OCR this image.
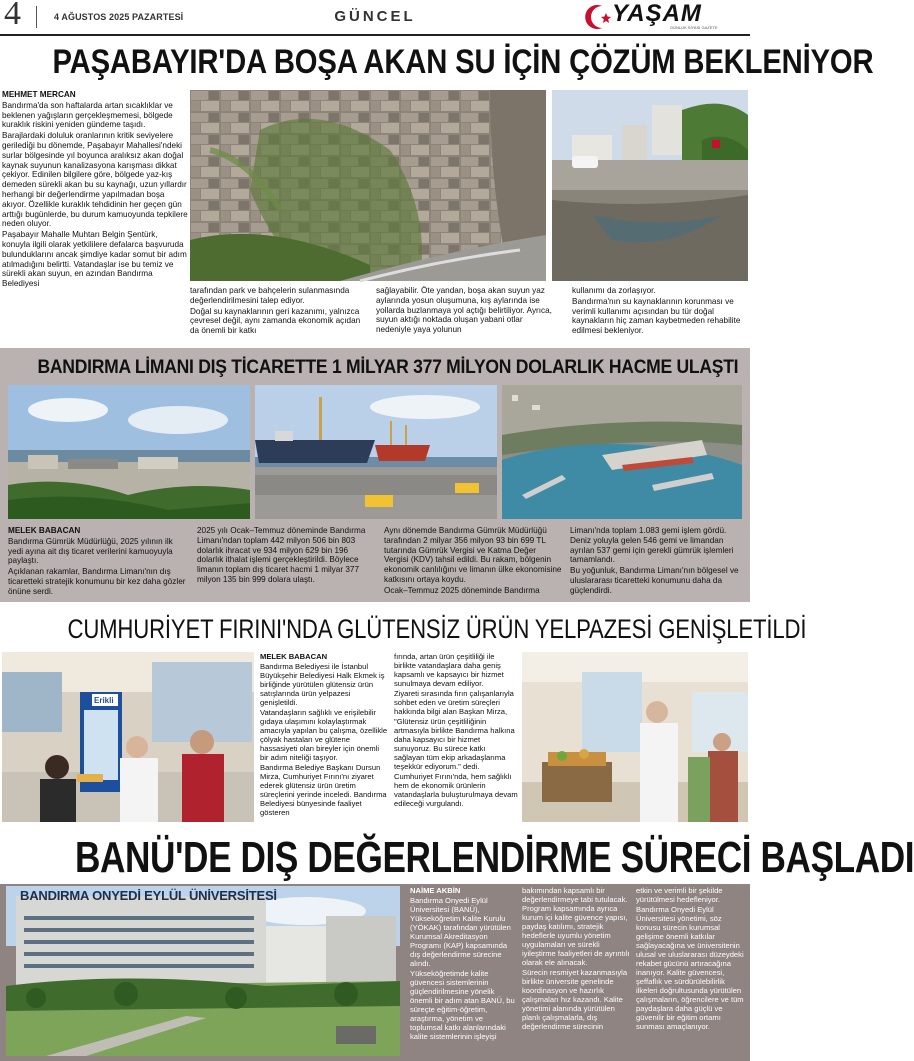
4	4 AĞUSTOS 2025 PAZARTESİ	GÜNCEL	YAŞAM
GÜNLÜK SİYASİ GAZETE
PAŞABAYIR'DA BOŞA AKAN SU İÇİN ÇÖZÜM BEKLENİYOR

MEHMET MERCAN

Bandırma'da son haftalarda artan sıcaklıklar ve beklenen yağışların gerçekleşmemesi, bölgede kuraklık riskini yeniden gündeme taşıdı.

Barajlardaki doluluk oranlarının kritik seviyelere geriledi̇ği bu dönemde, Paşabayır Mahallesi'ndeki surlar bölgesinde yıl boyunca aralıksız akan doğal kaynak suyunun kanalizasyona karışması dikkat çekiyor. Edinilen bilgilere göre, bölgede yaz-kış demeden sürekli akan bu su kaynağı, uzun yıllardır herhangi bir değerlendirme yapılmadan boşa akıyor. Özellikle kuraklık tehdidinin her geçen gün arttığı bugünlerde, bu durum kamuoyunda tepkilere neden oluyor.

Paşabayır Mahalle Muhtarı Belgin Şentürk, konuyla ilgili olarak yetkililere defalarca başvuruda bulunduklarını ancak şimdiye kadar somut bir adım atılmadığını belirtti. Vatandaşlar ise bu temiz ve sürekli akan suyun, en azından Bandırma Belediyesi

tarafından park ve bahçelerin sulanmasında değerlendirilmesini talep ediyor.

Doğal su kaynaklarının geri kazanımı, yalnızca çevresel değil, aynı zamanda ekonomik açıdan da önemli bir katkı

sağlayabilir. Öte yandan, boşa akan suyun yaz aylarında yosun oluşumuna, kış aylarında ise yollarda buzlanmaya yol açtığı belirtiliyor. Ayrıca, suyun aktığı noktada oluşan yabani otlar nedeniyle yaya yolunun

kullanımı da zorlaşıyor.

Bandırma'nın su kaynaklarının korunması ve verimli kullanımı açısından bu tür doğal kaynakların hiç zaman kaybetmeden rehabilite edilmesi bekleniyor.

BANDIRMA LİMANI DIŞ TİCARETTE 1 MİLYAR 377 MİLYON DOLARLIK HACME ULAŞTI

MELEK BABACAN

Bandırma Gümrük Müdürlüğü, 2025 yılının ilk yedi ayına ait dış ticaret verilerini kamuoyuyla paylaştı.

Açıklanan rakamlar, Bandırma Limanı'nın dış ticaretteki stratejik konumunu bir kez daha gözler önüne serdi.

2025 yılı Ocak–Temmuz döneminde Bandırma Limanı'ndan toplam 442 milyon 506 bin 803 dolarlık ihracat ve 934 milyon 629 bin 196 dolarlık ithalat işlemi gerçekleştirildi. Böylece limanın toplam dış ticaret hacmi 1 milyar 377 milyon 135 bin 999 dolara ulaştı.

Aynı dönemde Bandırma Gümrük Müdürlüğü tarafından 2 milyar 356 milyon 93 bin 699 TL tutarında Gümrük Vergisi ve Katma Değer Vergisi (KDV) tahsil edildi. Bu rakam, bölgenin ekonomik canlılığını ve limanın ülke ekonomisine katkısını ortaya koydu.

Ocak–Temmuz 2025 döneminde Bandırma

Limanı'nda toplam 1.083 gemi işlem gördü. Deniz yoluyla gelen 546 gemi ve limandan ayrılan 537 gemi için gerekli gümrük işlemleri tamamlandı.

Bu yoğunluk, Bandırma Limanı'nın bölgesel ve uluslararası ticaretteki konumunu daha da güçlendirdi.

CUMHURİYET FIRINI'NDA GLÜTENSİZ ÜRÜN YELPAZESİ GENİŞLETİLDİ
Erikli

MELEK BABACAN

Bandırma Belediyesi ile İstanbul Büyükşehir Belediyesi Halk Ekmek iş birliğinde yürütülen glütensiz ürün satışlarında ürün yelpazesi genişletildi.

Vatandaşların sağlıklı ve erişilebilir gıdaya ulaşımını kolaylaştırmak amacıyla yapılan bu çalışma, özellikle çölyak hastaları ve glütene hassasiyeti olan bireyler için önemli bir adım niteliği taşıyor.

Bandırma Belediye Başkanı Dursun Mirza, Cumhuriyet Fırını'nı ziyaret ederek glütensiz ürün üretim süreçlerini yerinde inceledi. Bandırma Belediyesi bünyesinde faaliyet gösteren

fırında, artan ürün çeşitliliği ile birlikte vatandaşlara daha geniş kapsamlı ve kapsayıcı bir hizmet sunulmaya devam ediliyor.

Ziyareti sırasında fırın çalışanlarıyla sohbet eden ve üretim süreçleri hakkında bilgi alan Başkan Mirza,

"Glütensiz ürün çeşitliliğinin artmasıyla birlikte Bandırma halkına daha kapsayıcı bir hizmet sunuyoruz. Bu sürece katkı sağlayan tüm ekip arkadaşlarıma teşekkür ediyorum." dedi.

Cumhuriyet Fırını'nda, hem sağlıklı hem de ekonomik ürünlerin vatandaşlarla buluşturulmaya devam edileceği vurgulandı.

BANÜ'DE DIŞ DEĞERLENDİRME SÜRECİ BAŞLADI
BANDIRMA ONYEDİ EYLÜL ÜNİVERSİTESİ	NAİME AKBİN

Bandırma Onyedi Eylül Üniversitesi (BANÜ), Yükseköğretim Kalite Kurulu (YÖKAK) tarafından yürütülen Kurumsal Akreditasyon Programı (KAP) kapsamında dış değerlendirme sürecine alındı.

Yükseköğretimde kalite güvencesi sistemlerinin güçlendirilmesine yönelik önemli bir adım atan BANÜ, bu süreçte eğitim-öğretim, araştırma, yönetim ve toplumsal katkı alanlarındaki kalite sistemlerinin işleyişi

bakımından kapsamlı bir değerlendirmeye tabi tutulacak. Program kapsamında ayrıca kurum içi kalite güvence yapısı, paydaş katılımı, stratejik hedeflerle uyumlu yönetim uygulamaları ve sürekli iyileştirme faaliyetleri de ayrıntılı olarak ele alınacak.

Sürecin resmiyet kazanmasıyla birlikte üniversite genelinde koordinasyon ve hazırlık çalışmaları hız kazandı. Kalite yönetimi alanında yürütülen planlı çalışmalarla, dış değerlendirme sürecinin

etkin ve verimli bir şekilde yürütülmesi hedefleniyor.

Bandırma Onyedi Eylül Üniversitesi yönetimi, söz konusu sürecin kurumsal gelişime önemli katkılar sağlayacağına ve üniversitenin ulusal ve uluslararası düzeydeki rekabet gücünü artıracağına inanıyor. Kalite güvencesi, şeffaflık ve sürdürülebilirlik ilkeleri doğrultusunda yürütülen çalışmaların, öğrencilere ve tüm paydaşlara daha güçlü ve güvenilir bir eğitim ortamı sunması amaçlanıyor.
